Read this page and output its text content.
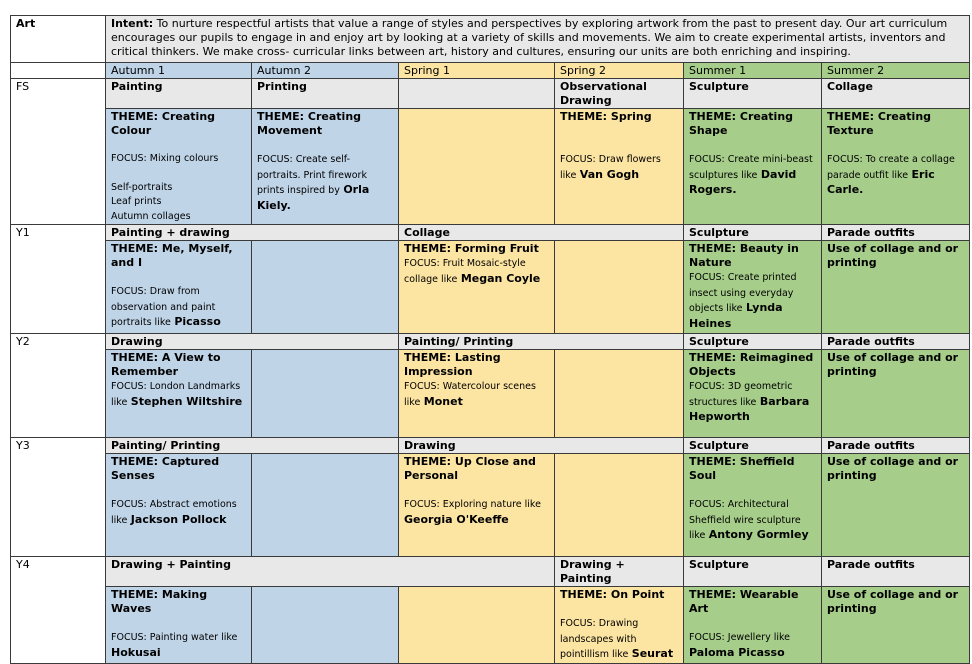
Art	Intent: To nurture respectful artists that value a range of styles and perspectives by exploring artwork from the past to present day. Our art curriculum encourages our pupils to engage in and enjoy art by looking at a variety of skills and movements. We aim to create experimental artists, inventors and critical thinkers. We make cross- curricular links between art, history and cultures, ensuring our units are both enriching and inspiring.					
	Autumn 1	Autumn 2	Spring 1	Spring 2	Summer 1	Summer 2
FS	Painting	Printing		Observational Drawing	Sculpture	Collage

	THEME: Creating Colour
FOCUS: Mixing colours
Self-portraits
Leaf prints
Autumn collages	THEME: Creating Movement
FOCUS: Create self-portraits. Print firework prints inspired by Orla Kiely.		THEME: Spring
FOCUS: Draw flowers like Van Gogh	THEME: Creating Shape
FOCUS: Create mini-beast sculptures like David Rogers.	THEME: Creating Texture
FOCUS: To create a collage parade outfit like Eric Carle.
Y1	Painting + drawing		Collage		Sculpture	Parade outfits

	THEME: Me, Myself, and I
FOCUS: Draw from observation and paint portraits like Picasso		THEME: Forming Fruit
FOCUS: Fruit Mosaic-style collage like Megan Coyle		THEME: Beauty in Nature
FOCUS: Create printed insect using everyday objects like Lynda Heines	Use of collage and or printing
Y2	Drawing		Painting/ Printing		Sculpture	Parade outfits

	THEME: A View to Remember
FOCUS: London Landmarks like Stephen Wiltshire		THEME: Lasting Impression
FOCUS: Watercolour scenes like Monet		THEME: Reimagined Objects
FOCUS: 3D geometric structures like Barbara Hepworth	Use of collage and or printing
Y3	Painting/ Printing		Drawing		Sculpture	Parade outfits

	THEME: Captured Senses
FOCUS: Abstract emotions like Jackson Pollock		THEME: Up Close and Personal
FOCUS: Exploring nature like Georgia O'Keeffe		THEME: Sheffield Soul
FOCUS: Architectural Sheffield wire sculpture like Antony Gormley	Use of collage and or printing
Y4	Drawing + Painting			Drawing + Painting	Sculpture	Parade outfits

	THEME: Making Waves
FOCUS: Painting water like Hokusai			THEME: On Point
FOCUS: Drawing landscapes with pointillism like Seurat	THEME: Wearable Art
FOCUS: Jewellery like Paloma Picasso	Use of collage and or printing
